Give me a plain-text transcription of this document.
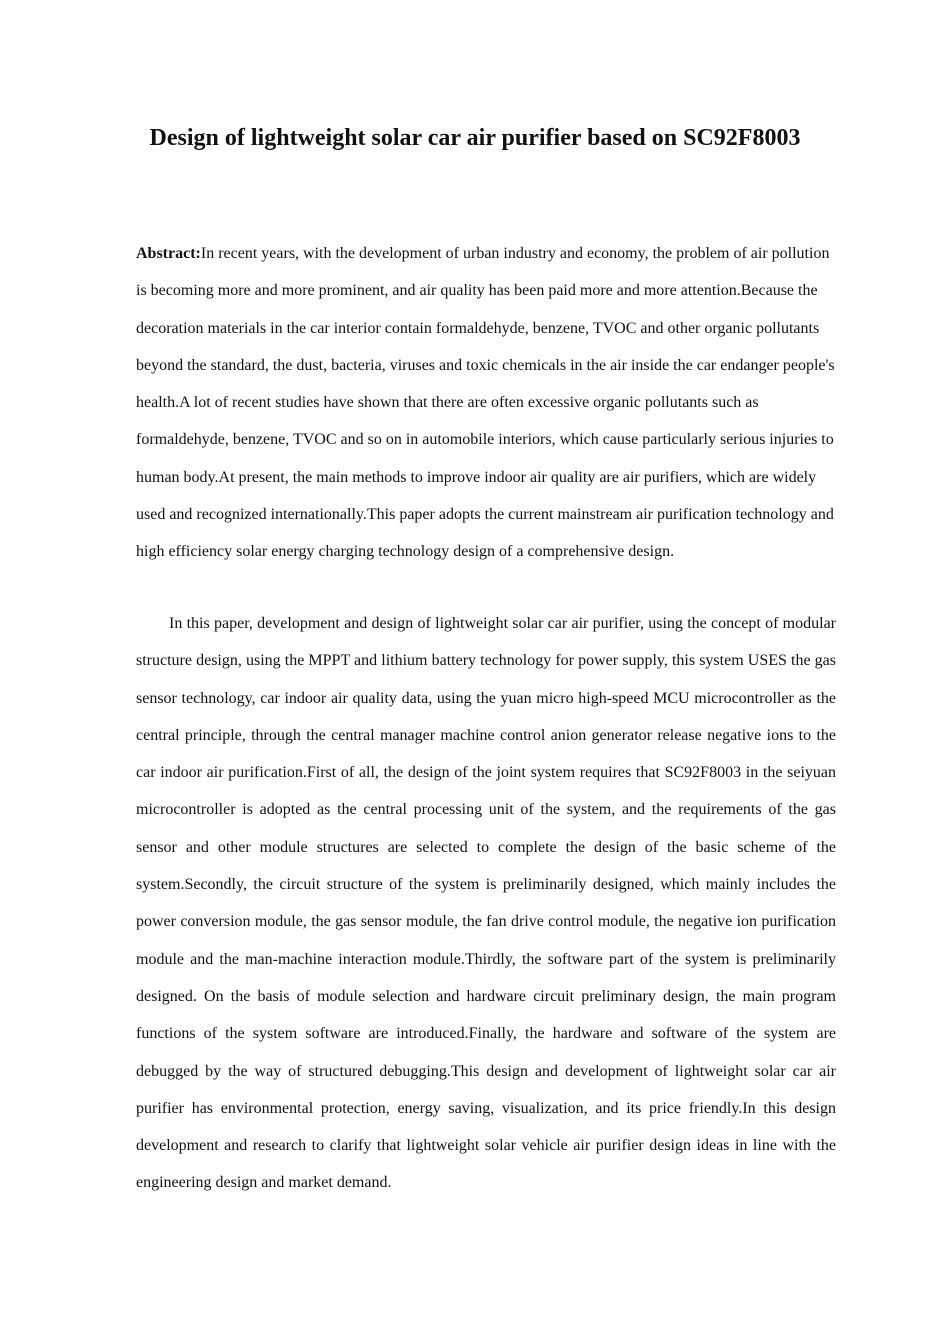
Design of lightweight solar car air purifier based on SC92F8003

Abstract:In recent years, with the development of urban industry and economy, the problem of air pollution is becoming more and more prominent, and air quality has been paid more and more attention.Because the decoration materials in the car interior contain formaldehyde, benzene, TVOC and other organic pollutants beyond the standard, the dust, bacteria, viruses and toxic chemicals in the air inside the car endanger people's health.A lot of recent studies have shown that there are often excessive organic pollutants such as formaldehyde, benzene, TVOC and so on in automobile interiors, which cause particularly serious injuries to human body.At present, the main methods to improve indoor air quality are air purifiers, which are widely used and recognized internationally.This paper adopts the current mainstream air purification technology and high efficiency solar energy charging technology design of a comprehensive design.

In this paper, development and design of lightweight solar car air purifier, using the concept of modular structure design, using the MPPT and lithium battery technology for power supply, this system USES the gas sensor technology, car indoor air quality data, using the yuan micro high-speed MCU microcontroller as the central principle, through the central manager machine control anion generator release negative ions to the car indoor air purification.First of all, the design of the joint system requires that SC92F8003 in the seiyuan microcontroller is adopted as the central processing unit of the system, and the requirements of the gas sensor and other module structures are selected to complete the design of the basic scheme of the system.Secondly, the circuit structure of the system is preliminarily designed, which mainly includes the power conversion module, the gas sensor module, the fan drive control module, the negative ion purification module and the man-machine interaction module.Thirdly, the software part of the system is preliminarily designed. On the basis of module selection and hardware circuit preliminary design, the main program functions of the system software are introduced.Finally, the hardware and software of the system are debugged by the way of structured debugging.This design and development of lightweight solar car air purifier has environmental protection, energy saving, visualization, and its price friendly.In this design development and research to clarify that lightweight solar vehicle air purifier design ideas in line with the engineering design and market demand.
